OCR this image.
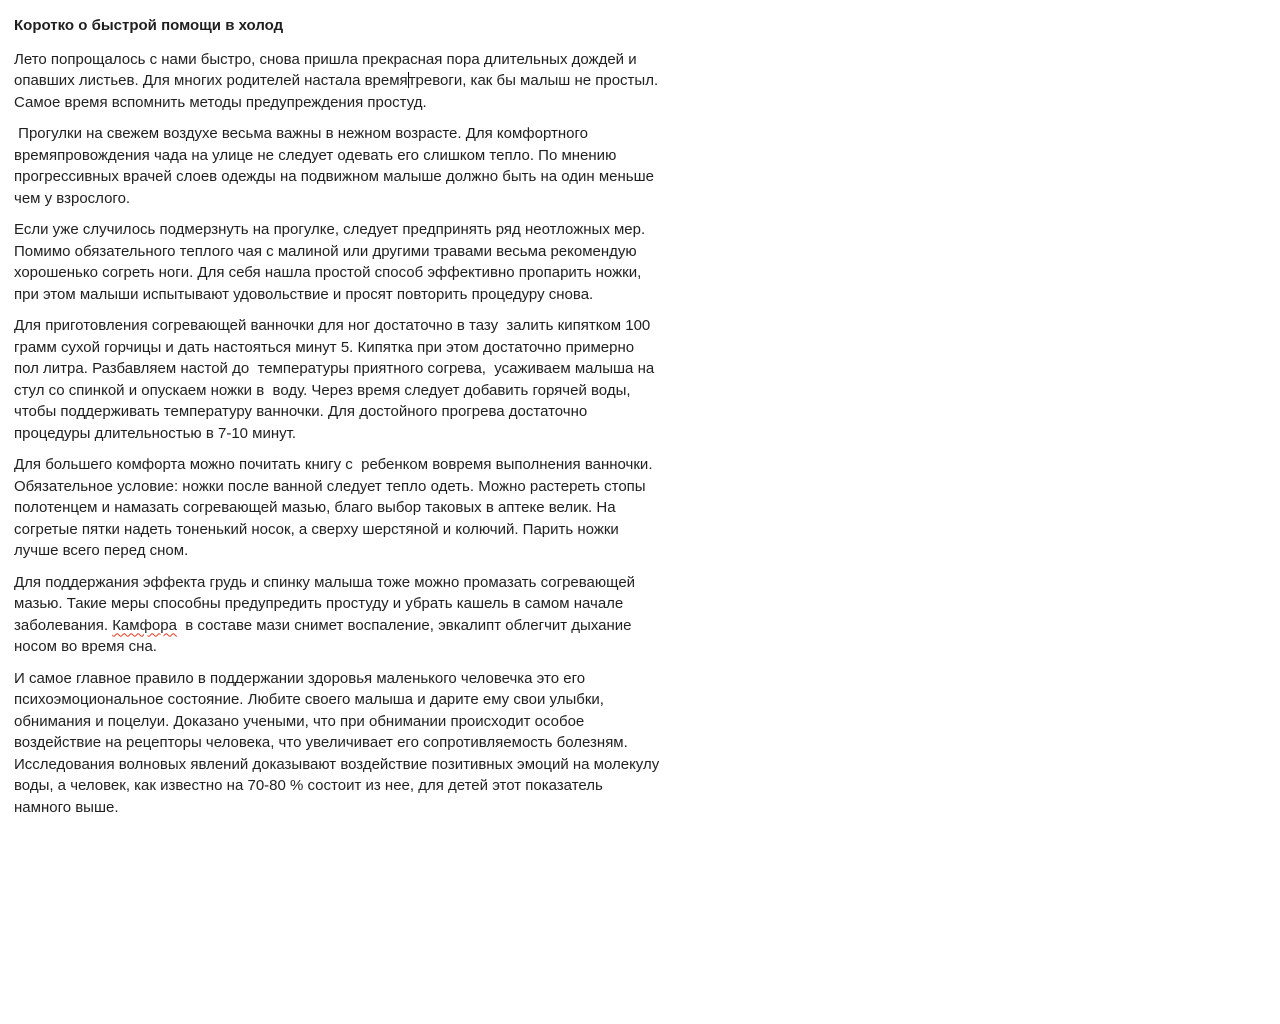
Коротко о быстрой помощи в холод

Лето попрощалось с нами быстро, снова пришла прекрасная пора длительных дождей и опавших листьев. Для многих родителей настала времятревоги, как бы малыш не простыл. Самое время вспомнить методы предупреждения простуд.

Прогулки на свежем воздухе весьма важны в нежном возрасте. Для комфортного времяпровождения чада на улице не следует одевать его слишком тепло. По мнению прогрессивных врачей слоев одежды на подвижном малыше должно быть на один меньше чем у взрослого.

Если уже случилось подмерзнуть на прогулке, следует предпринять ряд неотложных мер. Помимо обязательного теплого чая с малиной или другими травами весьма рекомендую хорошенько согреть ноги. Для себя нашла простой способ эффективно пропарить ножки, при этом малыши испытывают удовольствие и просят повторить процедуру снова.

Для приготовления согревающей ванночки для ног достаточно в тазу  залить кипятком 100  грамм сухой горчицы и дать настояться минут 5. Кипятка при этом достаточно примерно пол литра. Разбавляем настой до  температуры приятного согрева,  усаживаем малыша на стул со спинкой и опускаем ножки в  воду. Через время следует добавить горячей воды, чтобы поддерживать температуру ванночки. Для достойного прогрева достаточно процедуры длительностью в 7-10 минут.

Для большего комфорта можно почитать книгу с  ребенком вовремя выполнения ванночки. Обязательное условие: ножки после ванной следует тепло одеть. Можно растереть стопы полотенцем и намазать согревающей мазью, благо выбор таковых в аптеке велик. На согретые пятки надеть тоненький носок, а сверху шерстяной и колючий. Парить ножки лучше всего перед сном.

Для поддержания эффекта грудь и спинку малыша тоже можно промазать согревающей мазью. Такие меры способны предупредить простуду и убрать кашель в самом начале заболевания. Камфора  в составе мази снимет воспаление, эвкалипт облегчит дыхание носом во время сна.

И самое главное правило в поддержании здоровья маленького человечка это его психоэмоциональное состояние. Любите своего малыша и дарите ему свои улыбки, обнимания и поцелуи. Доказано учеными, что при обнимании происходит особое воздействие на рецепторы человека, что увеличивает его сопротивляемость болезням. Исследования волновых явлений доказывают воздействие позитивных эмоций на молекулу воды, а человек, как известно на 70-80 % состоит из нее, для детей этот показатель намного выше.
